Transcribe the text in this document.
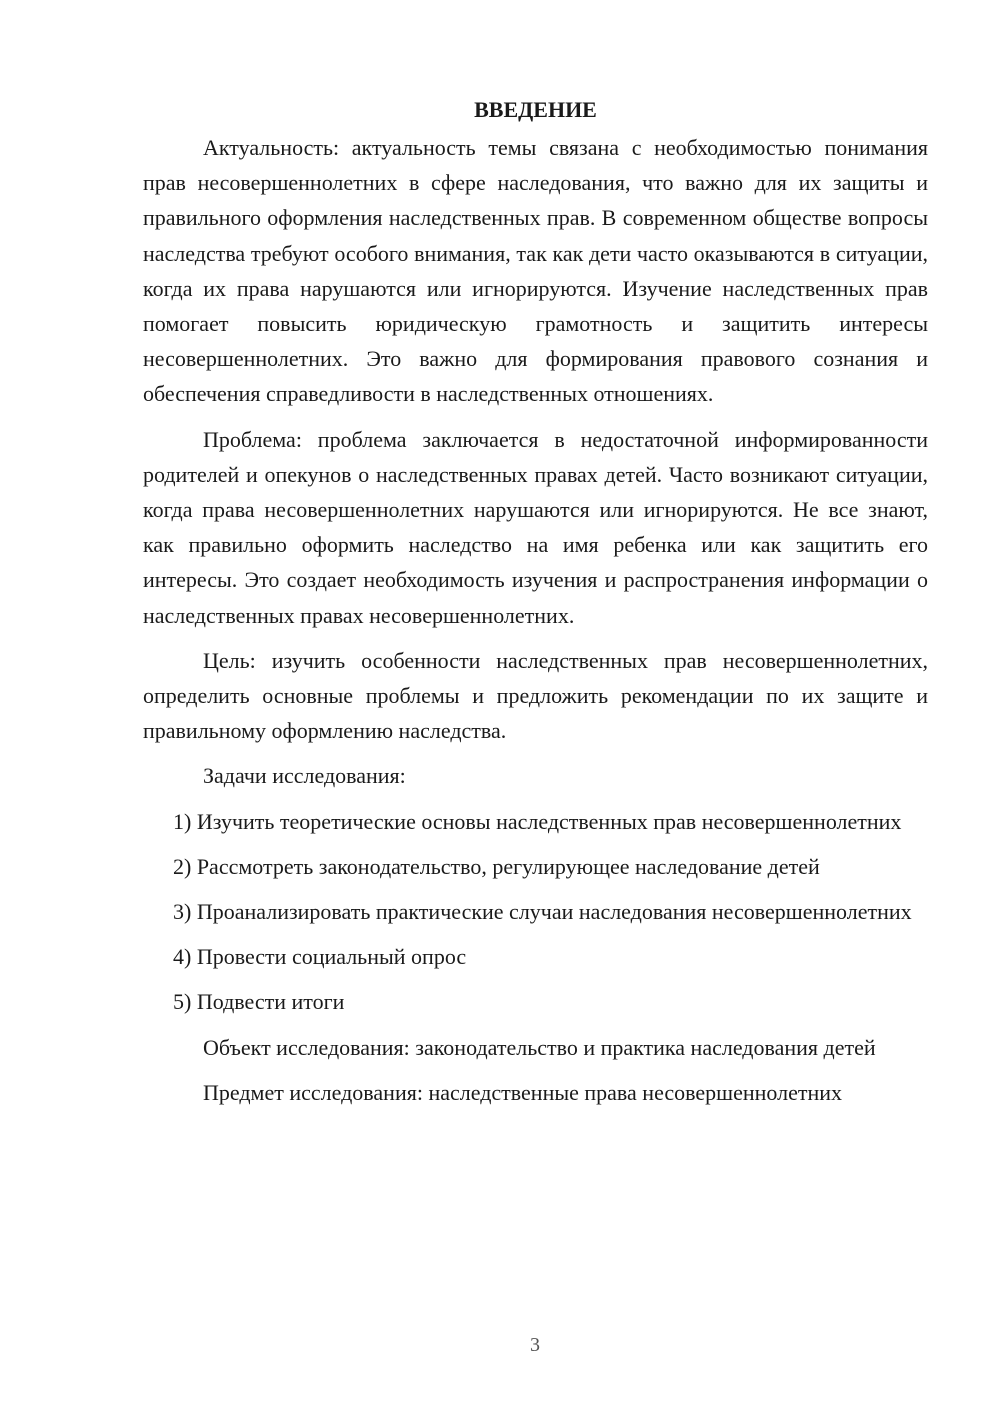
ВВЕДЕНИЕ

Актуальность: актуальность темы связана с необходимостью понимания прав несовершеннолетних в сфере наследования, что важно для их защиты и правильного оформления наследственных прав. В современном обществе вопросы наследства требуют особого внимания, так как дети часто оказываются в ситуации, когда их права нарушаются или игнорируются. Изучение наследственных прав помогает повысить юридическую грамотность и защитить интересы несовершеннолетних. Это важно для формирования правового сознания и обеспечения справедливости в наследственных отношениях.

Проблема: проблема заключается в недостаточной информированности родителей и опекунов о наследственных правах детей. Часто возникают ситуации, когда права несовершеннолетних нарушаются или игнорируются. Не все знают, как правильно оформить наследство на имя ребенка или как защитить его интересы. Это создает необходимость изучения и распространения информации о наследственных правах несовершеннолетних.

Цель: изучить особенности наследственных прав несовершеннолетних, определить основные проблемы и предложить рекомендации по их защите и правильному оформлению наследства.

Задачи исследования:

1) Изучить теоретические основы наследственных прав несовершеннолетних

2) Рассмотреть законодательство, регулирующее наследование детей

3) Проанализировать практические случаи наследования несовершеннолетних

4) Провести социальный опрос

5) Подвести итоги

Объект исследования: законодательство и практика наследования детей

Предмет исследования: наследственные права несовершеннолетних

3
